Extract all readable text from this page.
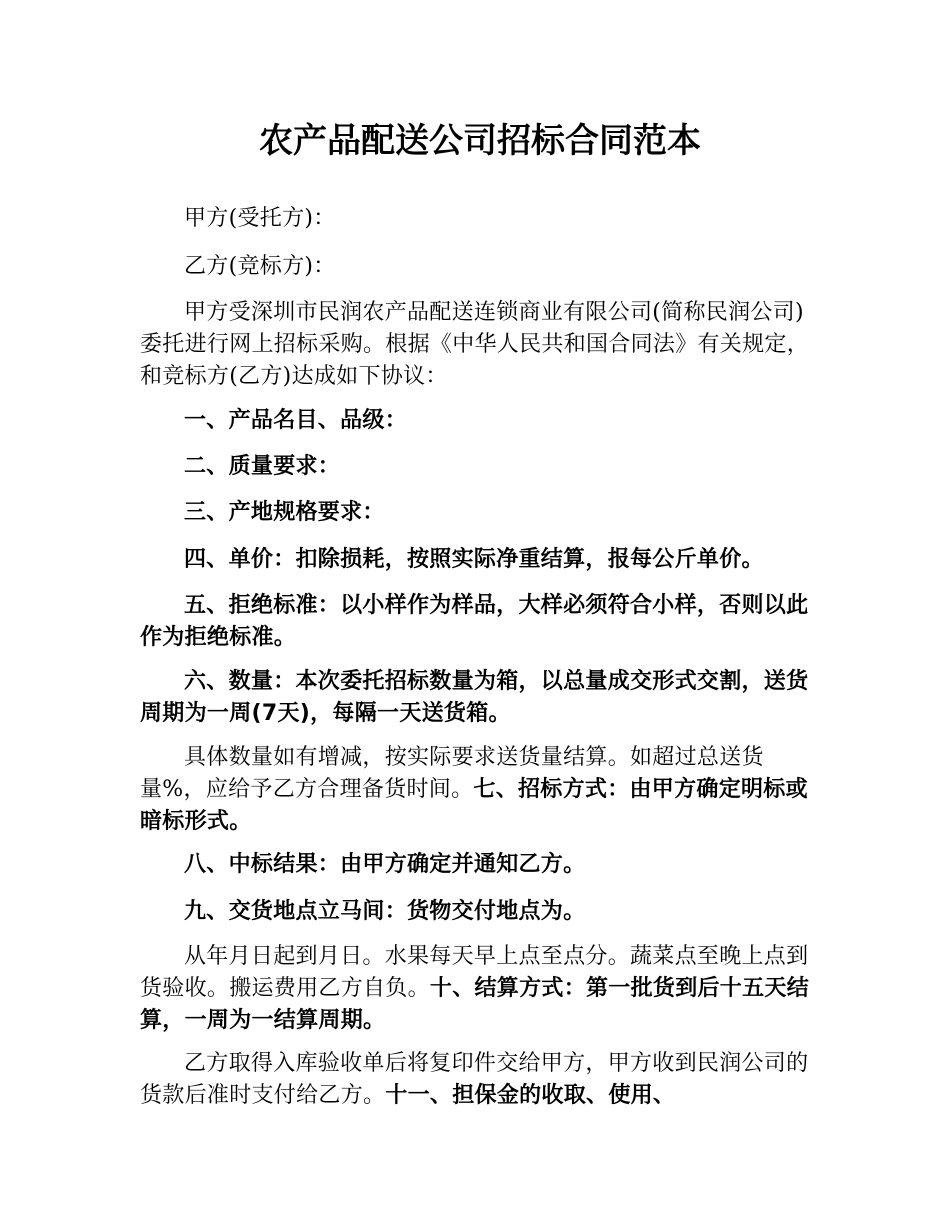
农产品配送公司招标合同范本

甲方(受托方)：

乙方(竞标方)：

甲方受深圳市民润农产品配送连锁商业有限公司(简称民润公司)委托进行网上招标采购。根据《中华人民共和国合同法》有关规定，和竞标方(乙方)达成如下协议：

一、产品名目、品级：

二、质量要求：

三、产地规格要求：

四、单价：扣除损耗，按照实际净重结算，报每公斤单价。

五、拒绝标准：以小样作为样品，大样必须符合小样，否则以此作为拒绝标准。

六、数量：本次委托招标数量为箱，以总量成交形式交割，送货周期为一周(7天)，每隔一天送货箱。

具体数量如有增减，按实际要求送货量结算。如超过总送货量%，应给予乙方合理备货时间。七、招标方式：由甲方确定明标或暗标形式。

八、中标结果：由甲方确定并通知乙方。

九、交货地点立马间：货物交付地点为。

从年月日起到月日。水果每天早上点至点分。蔬菜点至晚上点到货验收。搬运费用乙方自负。十、结算方式：第一批货到后十五天结算，一周为一结算周期。

乙方取得入库验收单后将复印件交给甲方，甲方收到民润公司的货款后准时支付给乙方。十一、担保金的收取、使用、
